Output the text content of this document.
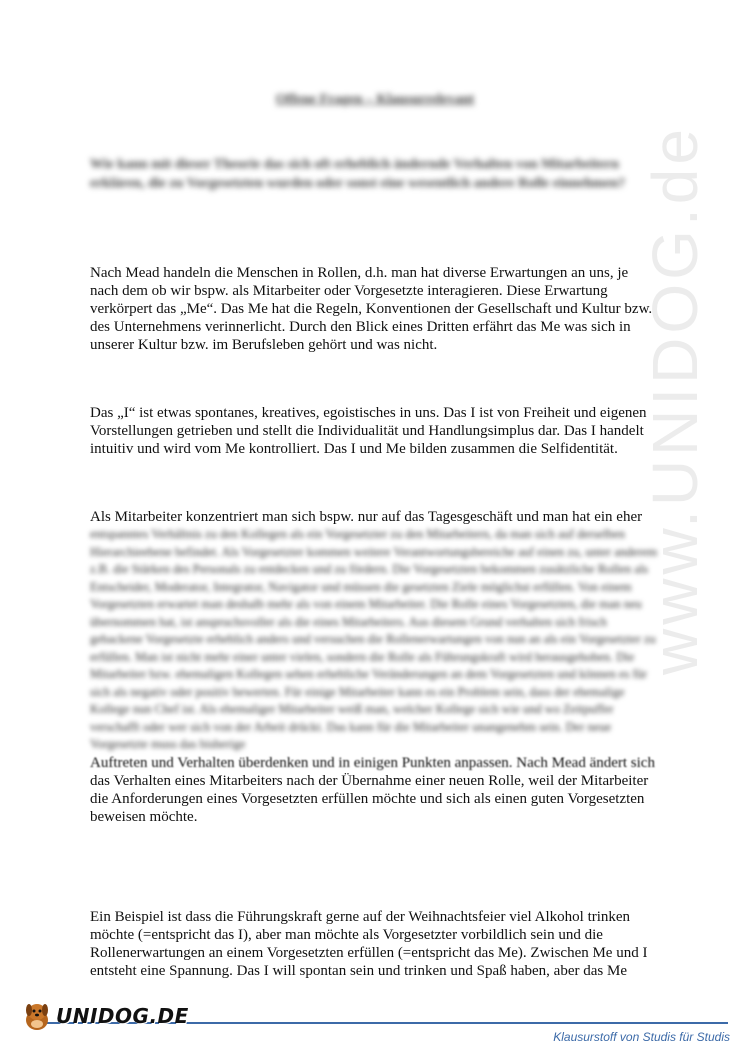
www.UNIDOG.de
Offene Fragen – Klausurrelevant
Wie kann mit dieser Theorie das sich oft erheblich ändernde Verhalten von Mitarbeitern erklären, die zu Vorgesetzten wurden oder sonst eine wesentlich andere Rolle einnehmen?
Nach Mead handeln die Menschen in Rollen, d.h. man hat diverse Erwartungen an uns, je nach dem ob wir bspw. als Mitarbeiter oder Vorgesetzte interagieren. Diese Erwartung verkörpert das „Me“. Das Me hat die Regeln, Konventionen der Gesellschaft und Kultur bzw. des Unternehmens verinnerlicht. Durch den Blick eines Dritten erfährt das Me was sich in unserer Kultur bzw. im Berufsleben gehört und was nicht.
Das „I“ ist etwas spontanes, kreatives, egoistisches in uns. Das I ist von Freiheit und eigenen Vorstellungen getrieben und stellt die Individualität und Handlungsimplus dar. Das I handelt intuitiv und wird vom Me kontrolliert. Das I und Me bilden zusammen die Selfidentität.
Als Mitarbeiter konzentriert man sich bspw. nur auf das Tagesgeschäft und man hat ein eher
entspanntes Verhältnis zu den Kollegen als ein Vorgesetzter zu den Mitarbeitern, da man sich auf derselben Hierarchieebene befindet. Als Vorgesetzter kommen weitere Verantwortungsbereiche auf einen zu, unter anderem z.B. die Stärken des Personals zu entdecken und zu fördern. Die Vorgesetzten bekommen zusätzliche Rollen als Entscheider, Moderator, Integrator, Navigator und müssen die gesetzten Ziele möglichst erfüllen. Von einem Vorgesetzten erwartet man deshalb mehr als von einem Mitarbeiter. Die Rolle eines Vorgesetzten, die man neu übernommen hat, ist anspruchsvoller als die eines Mitarbeiters. Aus diesem Grund verhalten sich frisch gebackene Vorgesetzte erheblich anders und versuchen die Rollenerwartungen von nun an als ein Vorgesetzter zu erfüllen. Man ist nicht mehr einer unter vielen, sondern die Rolle als Führungskraft wird herausgehoben. Die Mitarbeiter bzw. ehemaligen Kollegen sehen erhebliche Veränderungen an dem Vorgesetzten und können es für sich als negativ oder positiv bewerten. Für einige Mitarbeiter kann es ein Problem sein, dass der ehemalige Kollege nun Chef ist. Als ehemaliger Mitarbeiter weiß man, welcher Kollege sich wie und wo Zeitpuffer verschafft oder wer sich von der Arbeit drückt. Das kann für die Mitarbeiter unangenehm sein. Der neue Vorgesetzte muss das bisherige
Auftreten und Verhalten überdenken und in einigen Punkten anpassen. Nach Mead ändert sich
das Verhalten eines Mitarbeiters nach der Übernahme einer neuen Rolle, weil der Mitarbeiter die Anforderungen eines Vorgesetzten erfüllen möchte und sich als einen guten Vorgesetzten beweisen möchte.
Ein Beispiel ist dass die Führungskraft gerne auf der Weihnachtsfeier viel Alkohol trinken möchte (=entspricht das I), aber man möchte als Vorgesetzter vorbildlich sein und die Rollenerwartungen an einem Vorgesetzten erfüllen (=entspricht das Me). Zwischen Me und I entsteht eine Spannung. Das I will spontan sein und trinken und Spaß haben, aber das Me
UNIDOG.DE
Klausurstoff von Studis für Studis
